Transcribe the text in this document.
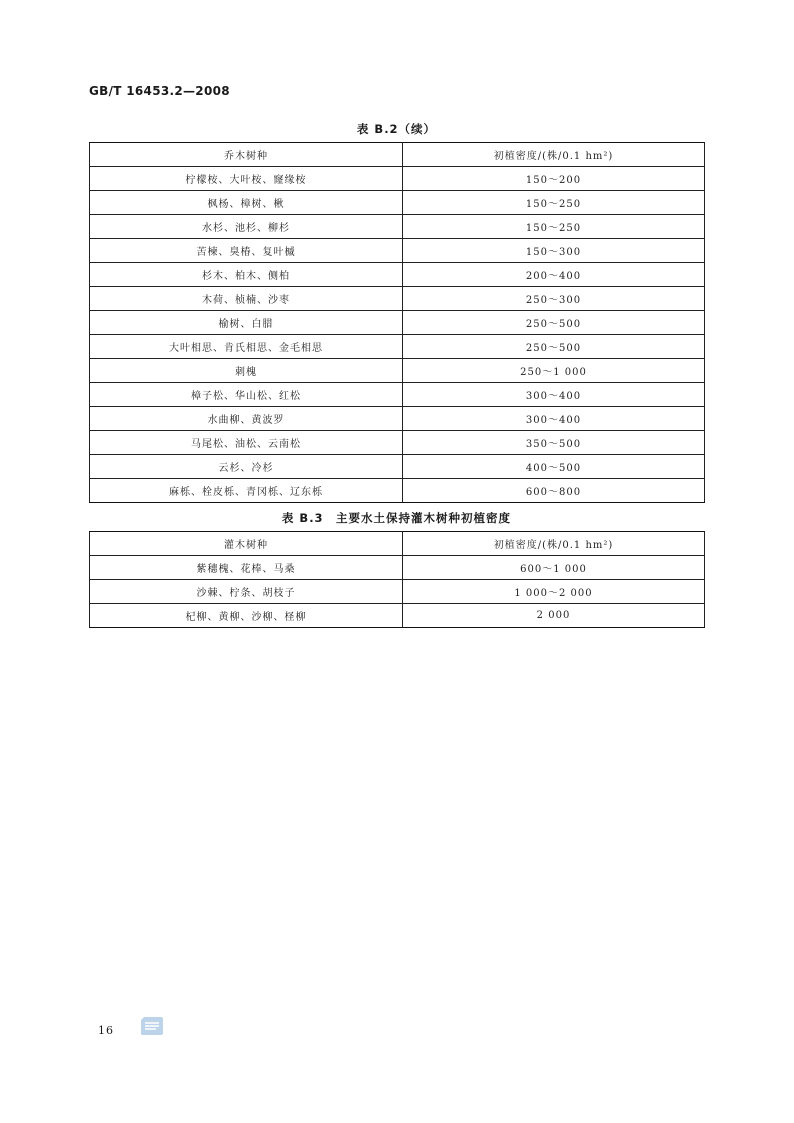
GB/T 16453.2—2008
表 B.2（续）
乔木树种	初植密度/(株/0.1 hm²)
柠檬桉、大叶桉、窿缘桉	150～200
枫杨、樟树、楸	150～250
水杉、池杉、柳杉	150～250
苦楝、臭椿、复叶槭	150～300
杉木、柏木、侧柏	200～400
木荷、桢楠、沙枣	250～300
榆树、白腊	250～500
大叶相思、肯氏相思、金毛相思	250～500
刺槐	250～1 000
樟子松、华山松、红松	300～400
水曲柳、黄波罗	300～400
马尾松、油松、云南松	350～500
云杉、冷杉	400～500
麻栎、栓皮栎、青冈栎、辽东栎	600～800
表 B.3　主要水土保持灌木树种初植密度
灌木树种	初植密度/(株/0.1 hm²)
紫穗槐、花棒、马桑	600～1 000
沙棘、柠条、胡枝子	1 000～2 000
杞柳、黄柳、沙柳、柽柳	2 000
16
